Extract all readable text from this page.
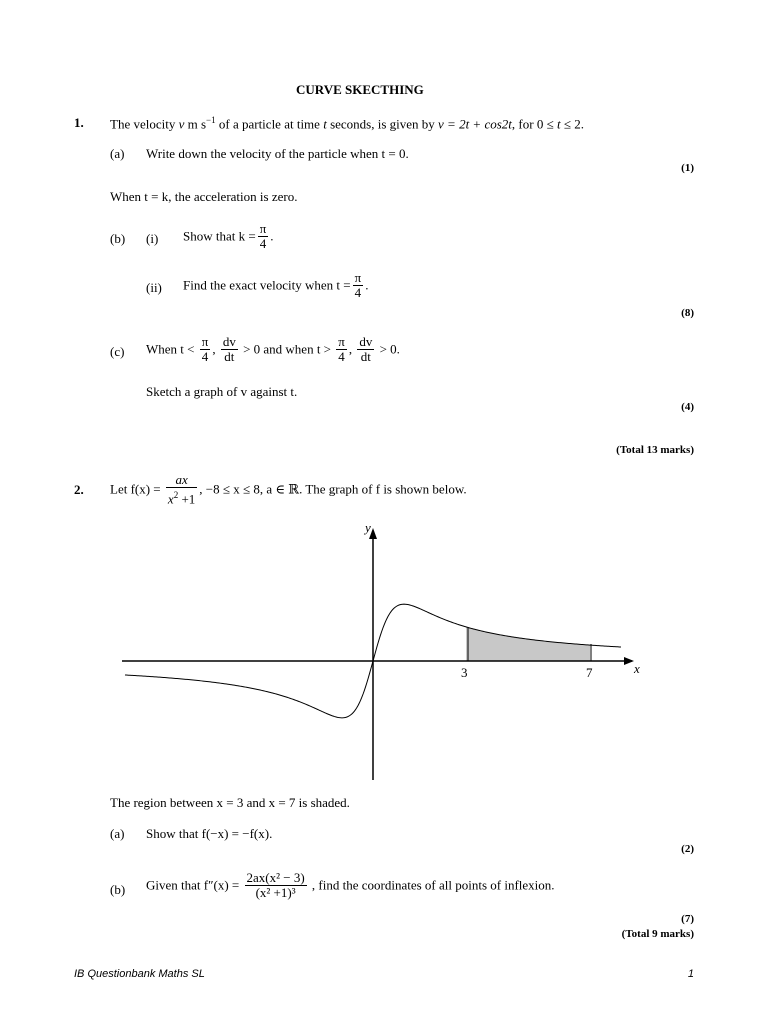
CURVE SKECTHING
1. The velocity v m $s^{-1}$ of a particle at time t seconds, is given by v = 2t + cos2t, for 0 ≤ t ≤ 2.
(a) Write down the velocity of the particle when t = 0.
(1)
When t = k, the acceleration is zero.
(b) (i) Show that $k = \frac{\pi}{4}$ .
(ii) Find the exact velocity when $t = \frac{\pi}{4}$ .
(8)
(c) When $t < \frac{\pi}{4}$ , $\frac{dv}{dt} > 0$ and when $t > \frac{\pi}{4}$ , $\frac{dv}{dt} > 0$.
Sketch a graph of v against t.
(4)
(Total 13 marks)
2. Let $f(x) = \frac{ax}{x^2 +1}$ , −8 ≤ x ≤ 8, a ∈ ℝ. The graph of f is shown below.
x
y
3	7
The region between x = 3 and x = 7 is shaded.
(a) Show that f(−x) = −f(x).
(2)
(b) Given that $f''(x) = \frac{\text{2ax(x² − 3)}}{\text{(x² +1)³}}$ , find the coordinates of all points of inflexion.
(7)
(Total 9 marks)
IB Questionbank Maths SL	1
